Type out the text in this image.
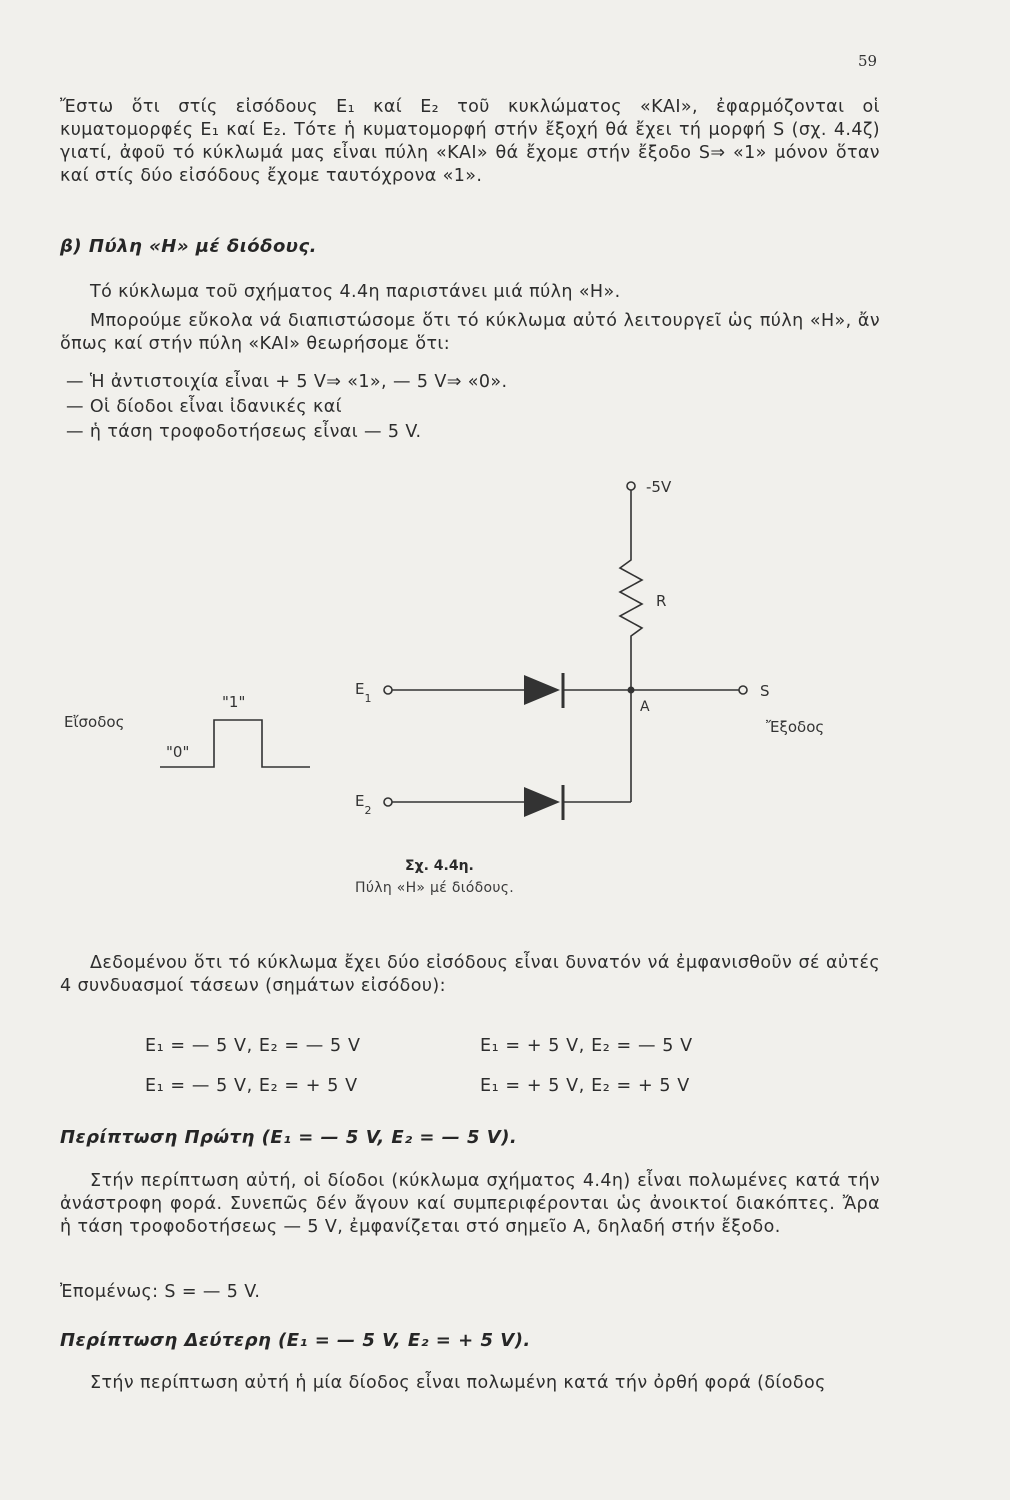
59
Ἔστω ὅτι στίς εἰσόδους E₁ καί E₂ τοῦ κυκλώματος «ΚΑΙ», ἐφαρμόζονται οἱ κυματομορφές E₁ καί E₂. Τότε ἡ κυματομορφή στήν ἔξοχή θά ἔχει τή μορφή S (σχ. 4.4ζ) γιατί, ἀφοῦ τό κύκλωμά μας εἶναι πύλη «ΚΑΙ» θά ἔχομε στήν ἔξοδο S⇒ «1» μόνον ὅταν καί στίς δύο εἰσόδους ἔχομε ταυτόχρονα «1».
β) Πύλη «Η» μέ διόδους.
Τό κύκλωμα τοῦ σχήματος 4.4η παριστάνει μιά πύλη «Η».
Μπορούμε εὔκολα νά διαπιστώσομε ὅτι τό κύκλωμα αὐτό λειτουργεῖ ὡς πύλη «Η», ἄν ὅπως καί στήν πύλη «ΚΑΙ» θεωρήσομε ὅτι:
— Ἡ ἀντιστοιχία εἶναι + 5 V⇒ «1», — 5 V⇒ «0».
— Οἱ δίοδοι εἶναι ἰδανικές καί
— ἡ τάση τροφοδοτήσεως εἶναι — 5 V.
-5V
R
A
S
Ἔξοδος
Εἴσοδος
"1"
"0"
$E_1$
$E_2$
Σχ. 4.4η.
Πύλη «Η» μέ διόδους.
Δεδομένου ὅτι τό κύκλωμα ἔχει δύο εἰσόδους εἶναι δυνατόν νά ἐμφανισθοῦν σέ αὐτές 4 συνδυασμοί τάσεων (σημάτων εἰσόδου):
E₁ = — 5 V, E₂ = — 5 V	E₁ = + 5 V, E₂ = — 5 V
E₁ = — 5 V, E₂ = + 5 V	E₁ = + 5 V, E₂ = + 5 V
Περίπτωση Πρώτη (E₁ = — 5 V, E₂ = — 5 V).
Στήν περίπτωση αὐτή, οἱ δίοδοι (κύκλωμα σχήματος 4.4η) εἶναι πολωμένες κατά τήν ἀνάστροφη φορά. Συνεπῶς δέν ἄγουν καί συμπεριφέρονται ὡς ἀνοικτοί διακόπτες. Ἄρα ἡ τάση τροφοδοτήσεως — 5 V, ἐμφανίζεται στό σημεῖο A, δηλαδή στήν ἔξοδο.
Ἐπομένως: S = — 5 V.
Περίπτωση Δεύτερη (E₁ = — 5 V, E₂ = + 5 V).
Στήν περίπτωση αὐτή ἡ μία δίοδος εἶναι πολωμένη κατά τήν ὀρθή φορά (δίοδος
